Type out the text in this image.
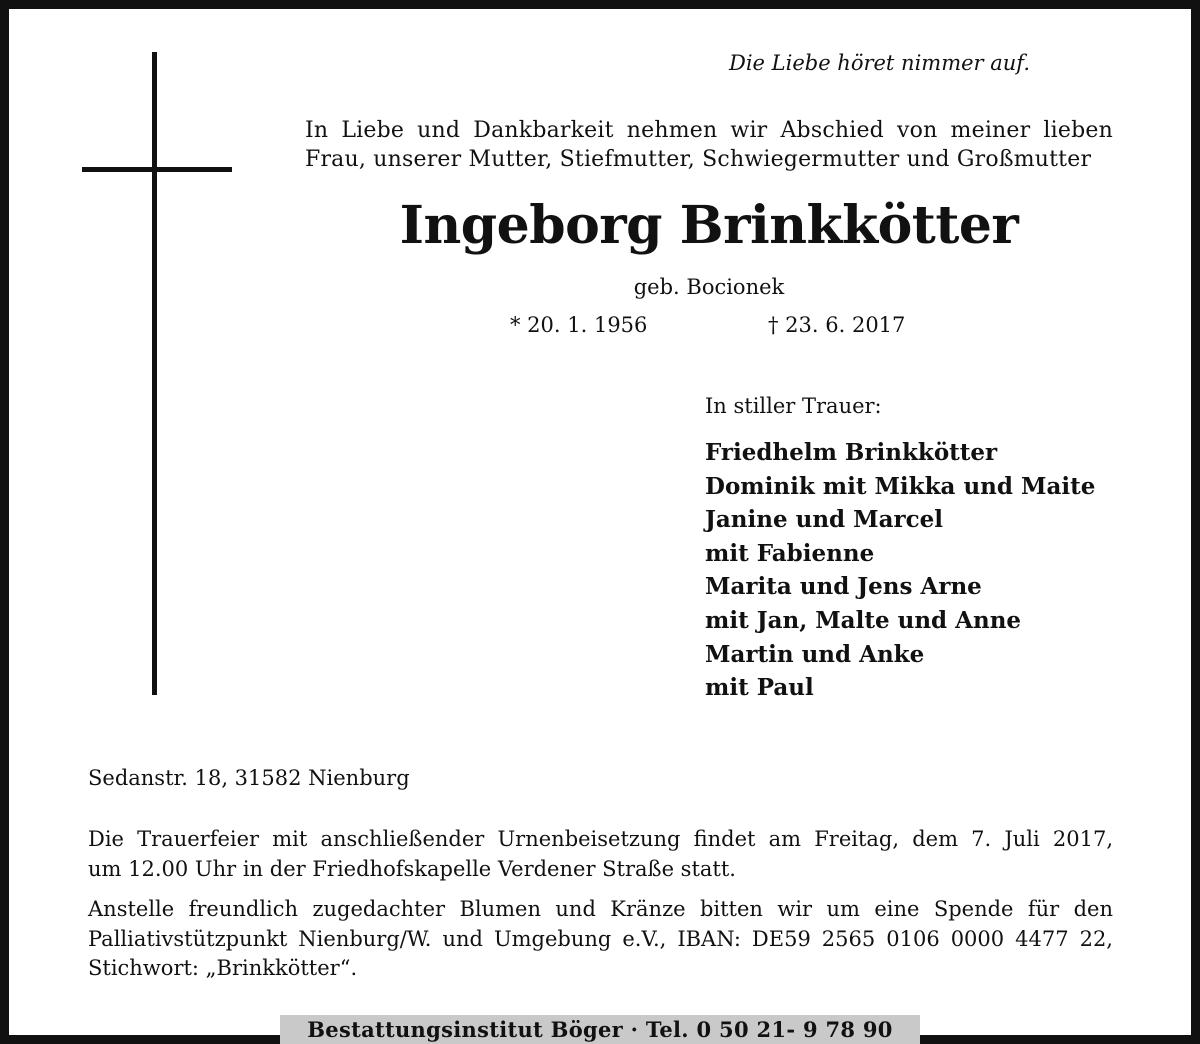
Die Liebe höret nimmer auf.
In Liebe und Dankbarkeit nehmen wir Abschied von meiner lieben
Frau, unserer Mutter, Stiefmutter, Schwiegermutter und Großmutter
Ingeborg Brinkkötter
geb. Bocionek
* 20. 1. 1956	† 23. 6. 2017
In stiller Trauer:
Friedhelm Brinkkötter
Dominik mit Mikka und Maite
Janine und Marcel
mit Fabienne
Marita und Jens Arne
mit Jan, Malte und Anne
Martin und Anke
mit Paul
Sedanstr. 18, 31582 Nienburg
Die Trauerfeier mit anschließender Urnenbeisetzung findet am Freitag, dem 7. Juli 2017,
um 12.00 Uhr in der Friedhofskapelle Verdener Straße statt.
Anstelle freundlich zugedachter Blumen und Kränze bitten wir um eine Spende für den
Palliativstützpunkt Nienburg/W. und Umgebung e.V., IBAN: DE59 2565 0106 0000 4477 22,
Stichwort: „Brinkkötter“.
Bestattungsinstitut Böger · Tel. 0 50 21- 9 78 90
